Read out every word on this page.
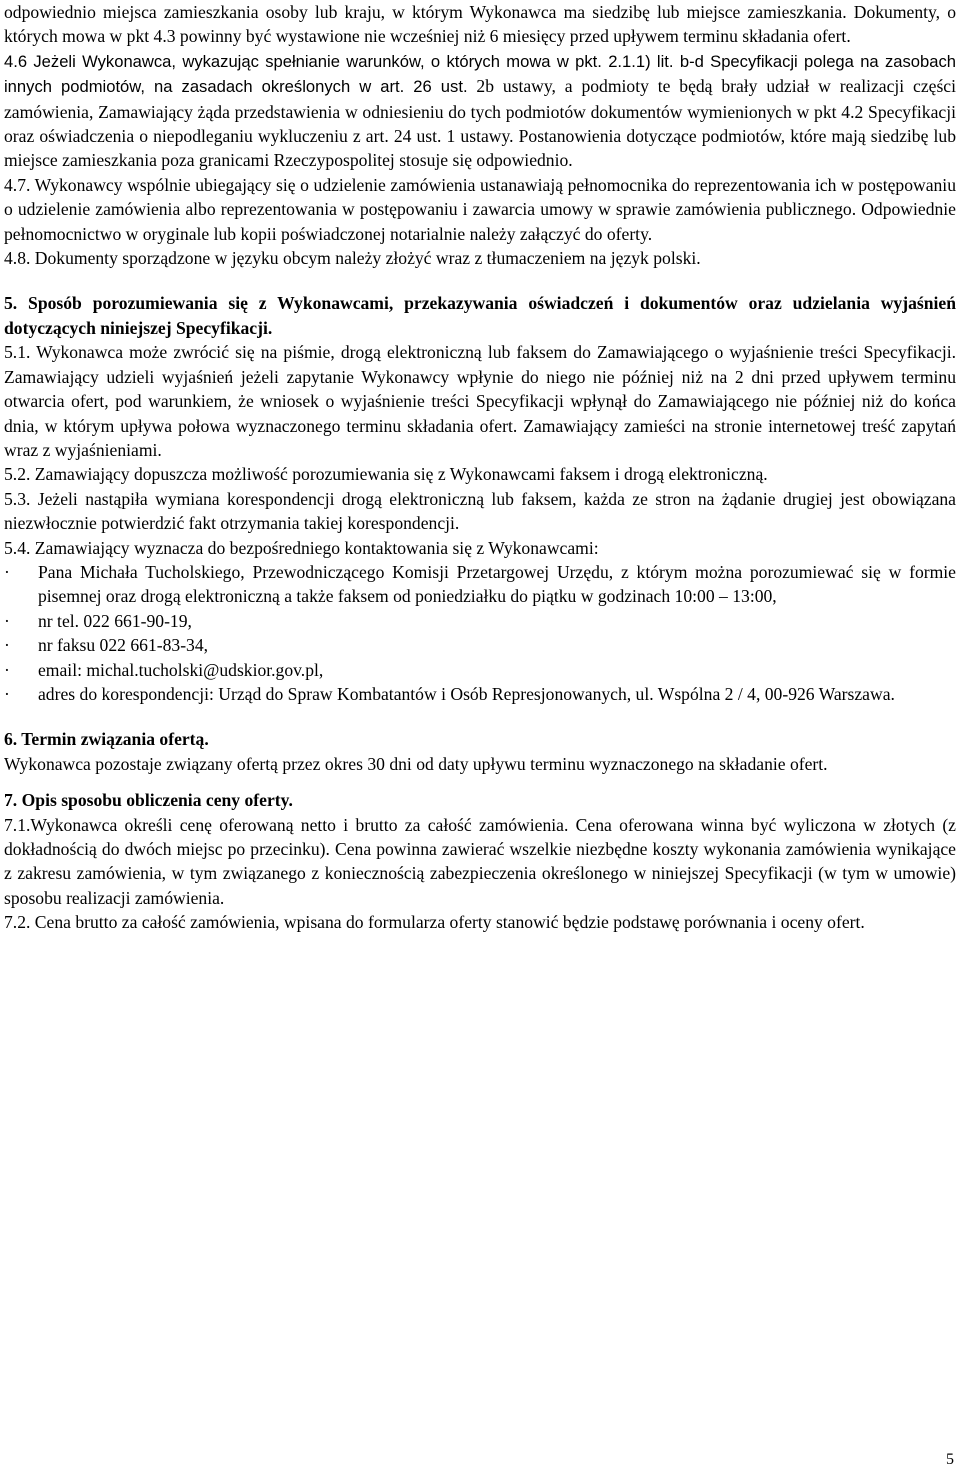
odpowiednio miejsca zamieszkania osoby lub kraju, w którym Wykonawca ma siedzibę lub miejsce zamieszkania. Dokumenty, o których mowa w pkt 4.3 powinny być wystawione nie wcześniej niż 6 miesięcy przed upływem terminu składania ofert.

4.6 Jeżeli Wykonawca, wykazując spełnianie warunków, o których mowa w pkt. 2.1.1) lit. b-d Specyfikacji polega na zasobach innych podmiotów, na zasadach określonych w art. 26 ust. 2b ustawy, a podmioty te będą brały udział w realizacji części zamówienia, Zamawiający żąda przedstawienia w odniesieniu do tych podmiotów dokumentów wymienionych w pkt 4.2 Specyfikacji oraz oświadczenia o niepodleganiu wykluczeniu z art. 24 ust. 1 ustawy. Postanowienia dotyczące podmiotów, które mają siedzibę lub miejsce zamieszkania poza granicami Rzeczypospolitej stosuje się odpowiednio.

4.7. Wykonawcy wspólnie ubiegający się o udzielenie zamówienia ustanawiają pełnomocnika do reprezentowania ich w postępowaniu o udzielenie zamówienia albo reprezentowania w postępowaniu i zawarcia umowy w sprawie zamówienia publicznego. Odpowiednie pełnomocnictwo w oryginale lub kopii poświadczonej notarialnie należy załączyć do oferty.

4.8. Dokumenty sporządzone w języku obcym należy złożyć wraz z tłumaczeniem na język polski.

5. Sposób porozumiewania się z Wykonawcami, przekazywania oświadczeń i dokumentów oraz udzielania wyjaśnień dotyczących niniejszej Specyfikacji.

5.1. Wykonawca może zwrócić się na piśmie, drogą elektroniczną lub faksem do Zamawiającego o wyjaśnienie treści Specyfikacji. Zamawiający udzieli wyjaśnień jeżeli zapytanie Wykonawcy wpłynie do niego nie później niż na 2 dni przed upływem terminu otwarcia ofert, pod warunkiem, że wniosek o wyjaśnienie treści Specyfikacji wpłynął do Zamawiającego nie później niż do końca dnia, w którym upływa połowa wyznaczonego terminu składania ofert. Zamawiający zamieści na stronie internetowej treść zapytań wraz z wyjaśnieniami.

5.2. Zamawiający dopuszcza możliwość porozumiewania się z Wykonawcami faksem i drogą elektroniczną.

5.3. Jeżeli nastąpiła wymiana korespondencji drogą elektroniczną lub faksem, każda ze stron na żądanie drugiej jest obowiązana niezwłocznie potwierdzić fakt otrzymania takiej korespondencji.

5.4. Zamawiający wyznacza do bezpośredniego kontaktowania się z Wykonawcami:

·	Pana Michała Tucholskiego, Przewodniczącego Komisji Przetargowej Urzędu, z którym można porozumiewać się w formie pisemnej oraz drogą elektroniczną a także faksem od poniedziałku do piątku w godzinach 10:00 – 13:00,
·	nr tel. 022 661-90-19,
·	nr faksu 022 661-83-34,
·	email: michal.tucholski@udskior.gov.pl,
·	adres do korespondencji: Urząd do Spraw Kombatantów i Osób Represjonowanych, ul. Wspólna 2 / 4, 00-926 Warszawa.

6. Termin związania ofertą.

Wykonawca pozostaje związany ofertą przez okres 30 dni od daty upływu terminu wyznaczonego na składanie ofert.

7. Opis sposobu obliczenia ceny oferty.

7.1.Wykonawca określi cenę oferowaną netto i brutto za całość zamówienia. Cena oferowana winna być wyliczona w złotych (z dokładnością do dwóch miejsc po przecinku). Cena powinna zawierać wszelkie niezbędne koszty wykonania zamówienia wynikające z zakresu zamówienia, w tym związanego z koniecznością zabezpieczenia określonego w niniejszej Specyfikacji (w tym w umowie) sposobu realizacji zamówienia.

7.2. Cena brutto za całość zamówienia, wpisana do formularza oferty stanowić będzie podstawę porównania i oceny ofert.

5
